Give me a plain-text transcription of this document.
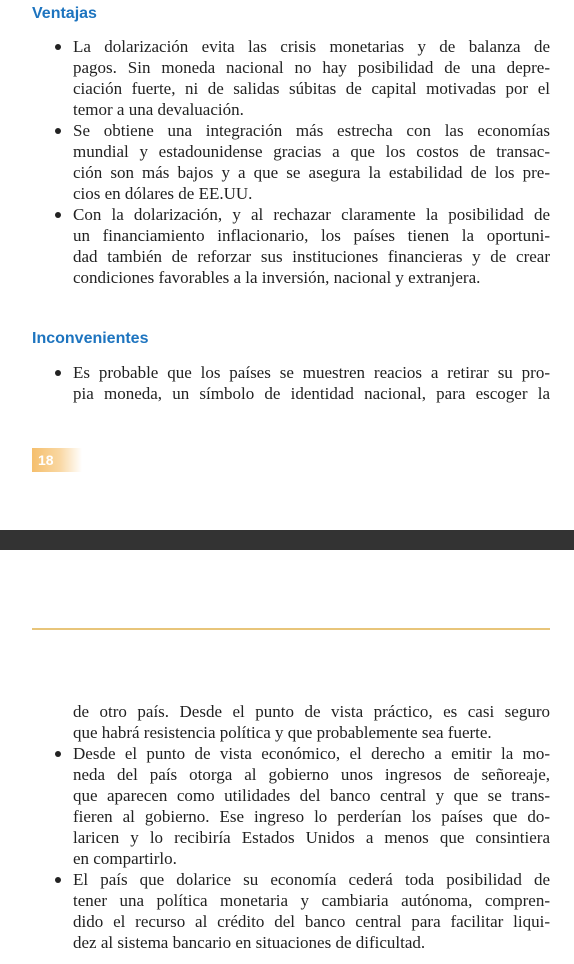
Ventajas
La dolarización evita las crisis monetarias y de balanza de
pagos. Sin moneda nacional no hay posibilidad de una depre-
ciación fuerte, ni de salidas súbitas de capital motivadas por el
temor a una devaluación.
Se obtiene una integración más estrecha con las economías
mundial y estadounidense gracias a que los costos de transac-
ción son más bajos y a que se asegura la estabilidad de los pre-
cios en dólares de EE.UU.
Con la dolarización, y al rechazar claramente la posibilidad de
un financiamiento inflacionario, los países tienen la oportuni-
dad también de reforzar sus instituciones financieras y de crear
condiciones favorables a la inversión, nacional y extranjera.
Inconvenientes
Es probable que los países se muestren reacios a retirar su pro-
pia moneda, un símbolo de identidad nacional, para escoger la
18
de otro país. Desde el punto de vista práctico, es casi seguro
que habrá resistencia política y que probablemente sea fuerte.
Desde el punto de vista económico, el derecho a emitir la mo-
neda del país otorga al gobierno unos ingresos de señoreaje,
que aparecen como utilidades del banco central y que se trans-
fieren al gobierno. Ese ingreso lo perderían los países que do-
laricen y lo recibiría Estados Unidos a menos que consintiera
en compartirlo.
El país que dolarice su economía cederá toda posibilidad de
tener una política monetaria y cambiaria autónoma, compren-
dido el recurso al crédito del banco central para facilitar liqui-
dez al sistema bancario en situaciones de dificultad.
